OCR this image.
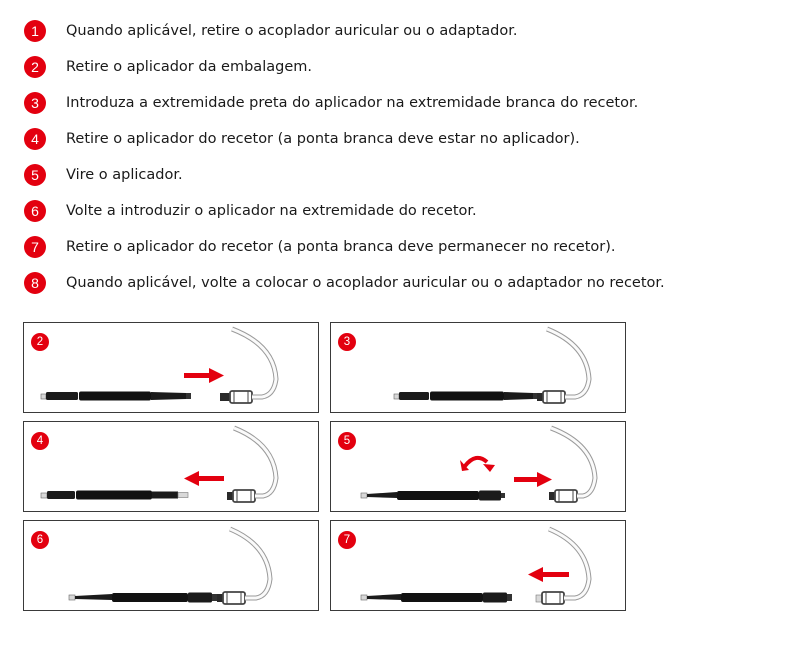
1	Quando aplicável, retire o acoplador auricular ou o adaptador.
2	Retire o aplicador da embalagem.
3	Introduza a extremidade preta do aplicador na extremidade branca do recetor.
4	Retire o aplicador do recetor (a ponta branca deve estar no aplicador).
5	Vire o aplicador.
6	Volte a introduzir o aplicador na extremidade do recetor.
7	Retire o aplicador do recetor (a ponta branca deve permanecer no recetor).
8	Quando aplicável, volte a colocar o acoplador auricular ou o adaptador no recetor.
2	3
4	5
6	7
